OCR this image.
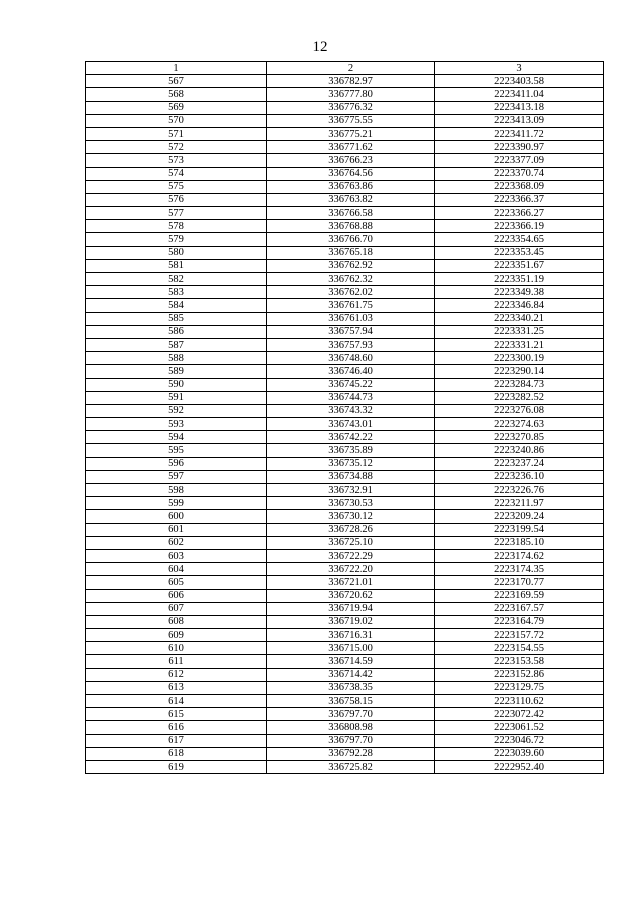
12
1	2	3
567	336782.97	2223403.58
568	336777.80	2223411.04
569	336776.32	2223413.18
570	336775.55	2223413.09
571	336775.21	2223411.72
572	336771.62	2223390.97
573	336766.23	2223377.09
574	336764.56	2223370.74
575	336763.86	2223368.09
576	336763.82	2223366.37
577	336766.58	2223366.27
578	336768.88	2223366.19
579	336766.70	2223354.65
580	336765.18	2223353.45
581	336762.92	2223351.67
582	336762.32	2223351.19
583	336762.02	2223349.38
584	336761.75	2223346.84
585	336761.03	2223340.21
586	336757.94	2223331.25
587	336757.93	2223331.21
588	336748.60	2223300.19
589	336746.40	2223290.14
590	336745.22	2223284.73
591	336744.73	2223282.52
592	336743.32	2223276.08
593	336743.01	2223274.63
594	336742.22	2223270.85
595	336735.89	2223240.86
596	336735.12	2223237.24
597	336734.88	2223236.10
598	336732.91	2223226.76
599	336730.53	2223211.97
600	336730.12	2223209.24
601	336728.26	2223199.54
602	336725.10	2223185.10
603	336722.29	2223174.62
604	336722.20	2223174.35
605	336721.01	2223170.77
606	336720.62	2223169.59
607	336719.94	2223167.57
608	336719.02	2223164.79
609	336716.31	2223157.72
610	336715.00	2223154.55
611	336714.59	2223153.58
612	336714.42	2223152.86
613	336738.35	2223129.75
614	336758.15	2223110.62
615	336797.70	2223072.42
616	336808.98	2223061.52
617	336797.70	2223046.72
618	336792.28	2223039.60
619	336725.82	2222952.40
